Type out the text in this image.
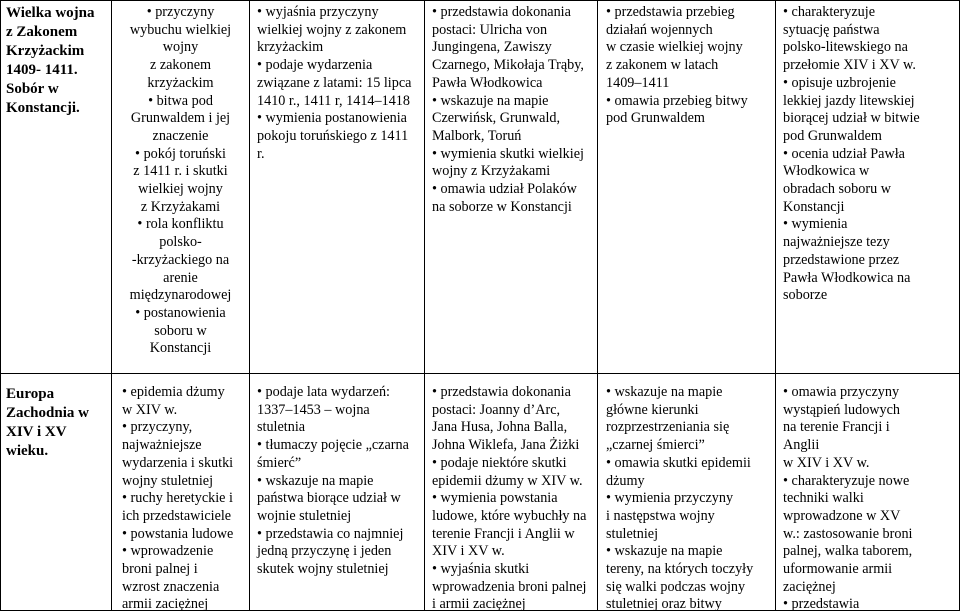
Wielka wojna
z Zakonem
Krzyżackim
1409- 1411.
Sobór w
Konstancji.
• przyczyny
wybuchu wielkiej
wojny
z zakonem
krzyżackim
• bitwa pod
Grunwaldem i jej
znaczenie
• pokój toruński
z 1411 r. i skutki
wielkiej wojny
z Krzyżakami
• rola konfliktu
polsko-
-krzyżackiego na
arenie
międzynarodowej
• postanowienia
soboru w
Konstancji
• wyjaśnia przyczyny
wielkiej wojny z zakonem
krzyżackim
• podaje wydarzenia
związane z latami: 15 lipca
1410 r., 1411 r, 1414–1418
• wymienia postanowienia
pokoju toruńskiego z 1411
r.
• przedstawia dokonania
postaci: Ulricha von
Jungingena, Zawiszy
Czarnego, Mikołaja Trąby,
Pawła Włodkowica
• wskazuje na mapie
Czerwińsk, Grunwald,
Malbork, Toruń
• wymienia skutki wielkiej
wojny z Krzyżakami
• omawia udział Polaków
na soborze w Konstancji
• przedstawia przebieg
działań wojennych
w czasie wielkiej wojny
z zakonem w latach
1409–1411
• omawia przebieg bitwy
pod Grunwaldem
• charakteryzuje
sytuację państwa
polsko-litewskiego na
przełomie XIV i XV w.
• opisuje uzbrojenie
lekkiej jazdy litewskiej
biorącej udział w bitwie
pod Grunwaldem
• ocenia udział Pawła
Włodkowica w
obradach soboru w
Konstancji
• wymienia
najważniejsze tezy
przedstawione przez
Pawła Włodkowica na
soborze
Europa
Zachodnia w
XIV i XV
wieku.
• epidemia dżumy
w XIV w.
• przyczyny,
najważniejsze
wydarzenia i skutki
wojny stuletniej
• ruchy heretyckie i
ich przedstawiciele
• powstania ludowe
• wprowadzenie
broni palnej i
wzrost znaczenia
armii zaciężnej
• podaje lata wydarzeń:
1337–1453 – wojna
stuletnia
• tłumaczy pojęcie „czarna
śmierć”
• wskazuje na mapie
państwa biorące udział w
wojnie stuletniej
• przedstawia co najmniej
jedną przyczynę i jeden
skutek wojny stuletniej
• przedstawia dokonania
postaci: Joanny d’Arc,
Jana Husa, Johna Balla,
Johna Wiklefa, Jana Żiżki
• podaje niektóre skutki
epidemii dżumy w XIV w.
• wymienia powstania
ludowe, które wybuchły na
terenie Francji i Anglii w
XIV i XV w.
• wyjaśnia skutki
wprowadzenia broni palnej
i armii zaciężnej
• wskazuje na mapie
główne kierunki
rozprzestrzeniania się
„czarnej śmierci”
• omawia skutki epidemii
dżumy
• wymienia przyczyny
i następstwa wojny
stuletniej
• wskazuje na mapie
tereny, na których toczyły
się walki podczas wojny
stuletniej oraz bitwy
• omawia przyczyny
wystąpień ludowych
na terenie Francji i
Anglii
w XIV i XV w.
• charakteryzuje nowe
techniki walki
wprowadzone w XV
w.: zastosowanie broni
palnej, walka taborem,
uformowanie armii
zaciężnej
• przedstawia
